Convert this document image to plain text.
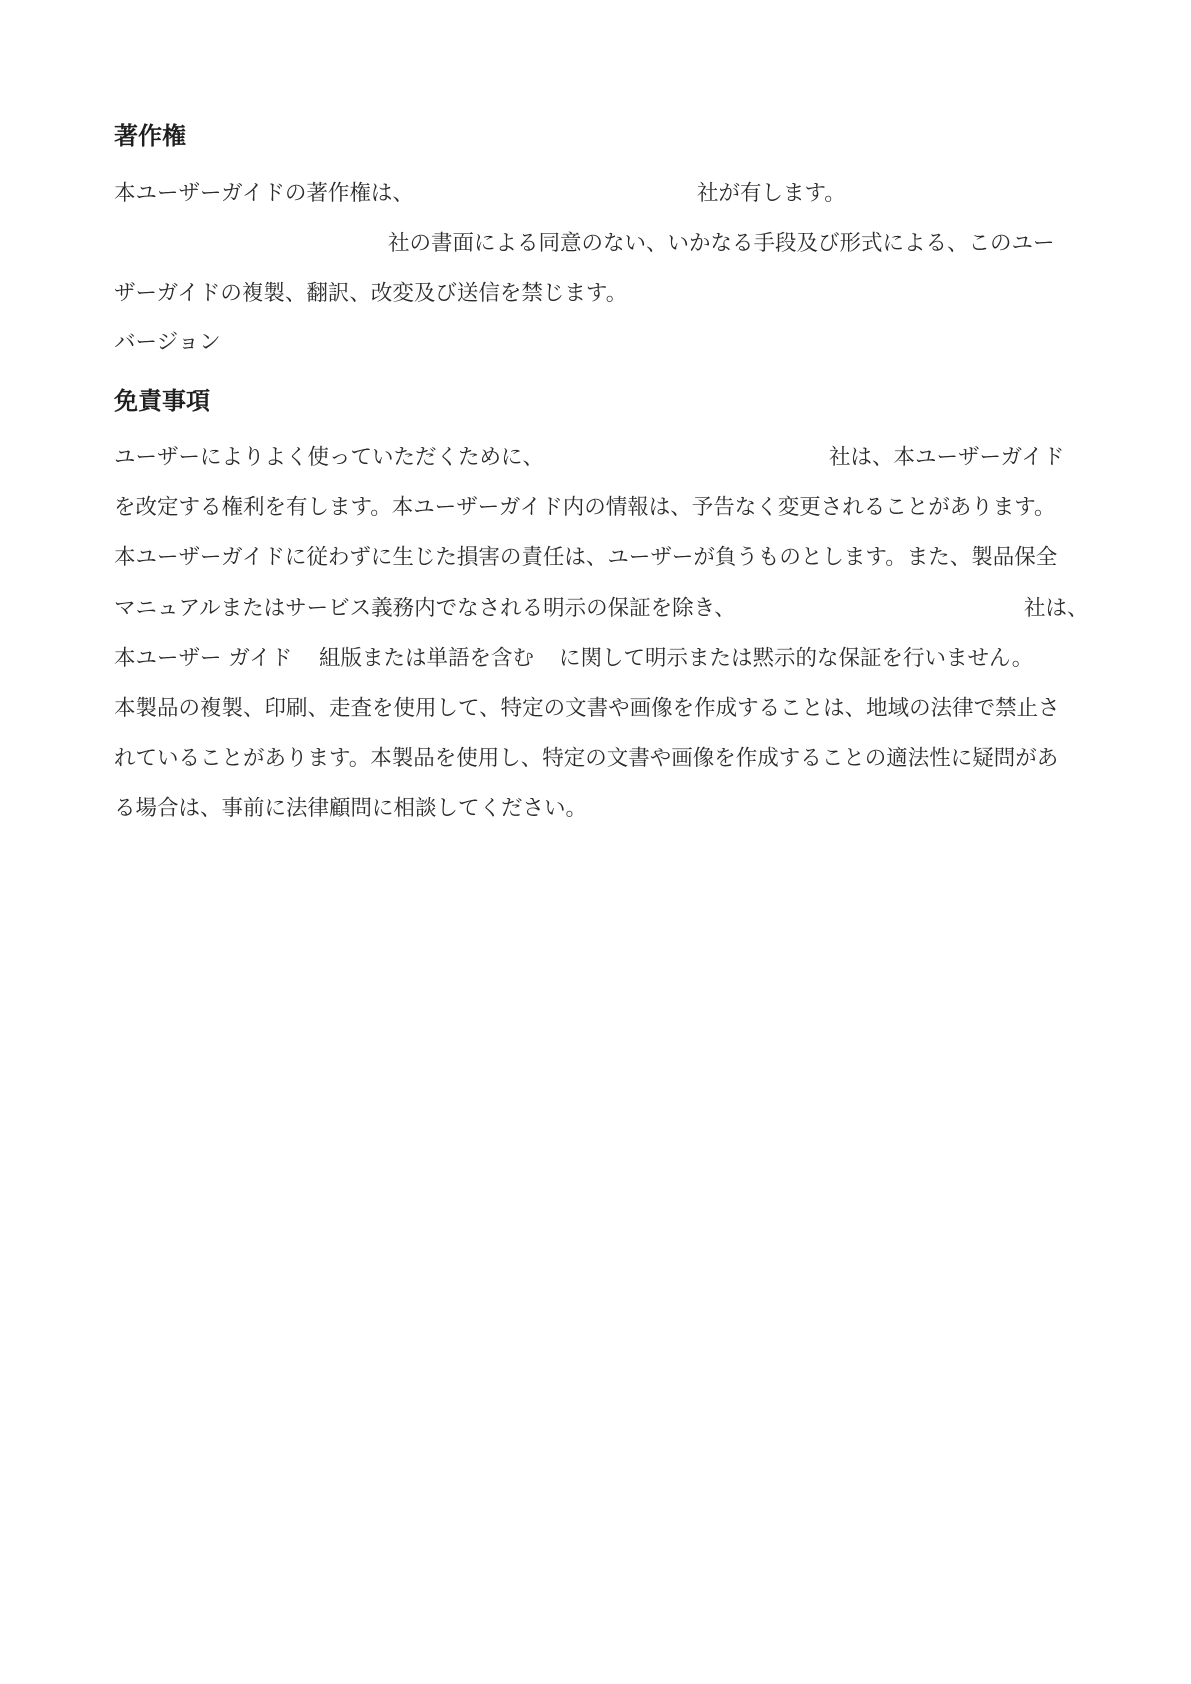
著作権

本ユーザーガイドの著作権は、	社が有します。

社の書面による同意のない、いかなる手段及び形式による、このユー

ザーガイドの複製、翻訳、改変及び送信を禁じます。

バージョン

免責事項

ユーザーによりよく使っていただくために、	社は、本ユーザーガイド

を改定する権利を有します。本ユーザーガイド内の情報は、予告なく変更されることがあります。

本ユーザーガイドに従わずに生じた損害の責任は、ユーザーが負うものとします。また、製品保全

マニュアルまたはサービス義務内でなされる明示の保証を除き、	社は、

本ユーザー ガイド 組版または単語を含む に関して明示または黙示的な保証を行いません。

本製品の複製、印刷、走査を使用して、特定の文書や画像を作成することは、地域の法律で禁止さ

れていることがあります。本製品を使用し、特定の文書や画像を作成することの適法性に疑問があ

る場合は、事前に法律顧問に相談してください。
